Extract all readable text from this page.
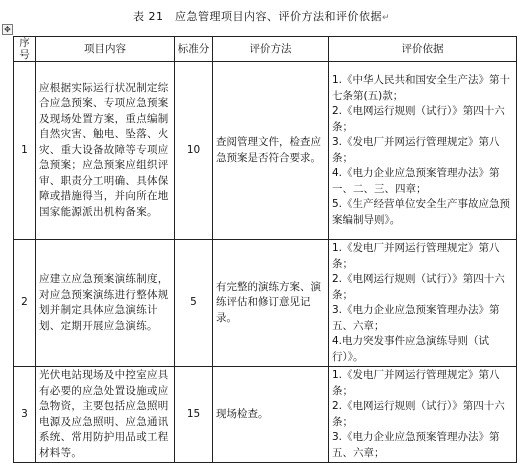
表 21　应急管理项目内容、评价方法和评价依据↵
✥
序号	项目内容	标准分	评价方法	评价依据
1	应根据实际运行状况制定综合应急预案、专项应急预案及现场处置方案，重点编制自然灾害、触电、坠落、火灾、重大设备故障等专项应急预案；应急预案应组织评审、职责分工明确、具体保障或措施得当，并向所在地国家能源派出机构备案。	10	查阅管理文件，检查应急预案是否符合要求。	1.《中华人民共和国安全生产法》第十七条第(五)款；
2.《电网运行规则（试行）》第四十六条；
3.《发电厂并网运行管理规定》第八条；
4.《电力企业应急预案管理办法》第一、二、三、四章；
5.《生产经营单位安全生产事故应急预案编制导则》。

2	应建立应急预案演练制度，对应急预案演练进行整体规划并制定具体应急演练计划、定期开展应急演练。	5	有完整的演练方案、演练评估和修订意见记录。	1.《发电厂并网运行管理规定》第八条；
2.《电网运行规则（试行）》第四十六条；
3.《电力企业应急预案管理办法》第五、六章；
4.电力突发事件应急演练导则（试行）》。

3	光伏电站现场及中控室应具有必要的应急处置设施或应急物资，主要包括应急照明电源及应急照明、应急通讯系统、常用防护用品或工程材料等。	15	现场检查。	1.《发电厂并网运行管理规定》第八条；
2.《电网运行规则（试行）》第四十六条；
3.《电力企业应急预案管理办法》第五、六章；
